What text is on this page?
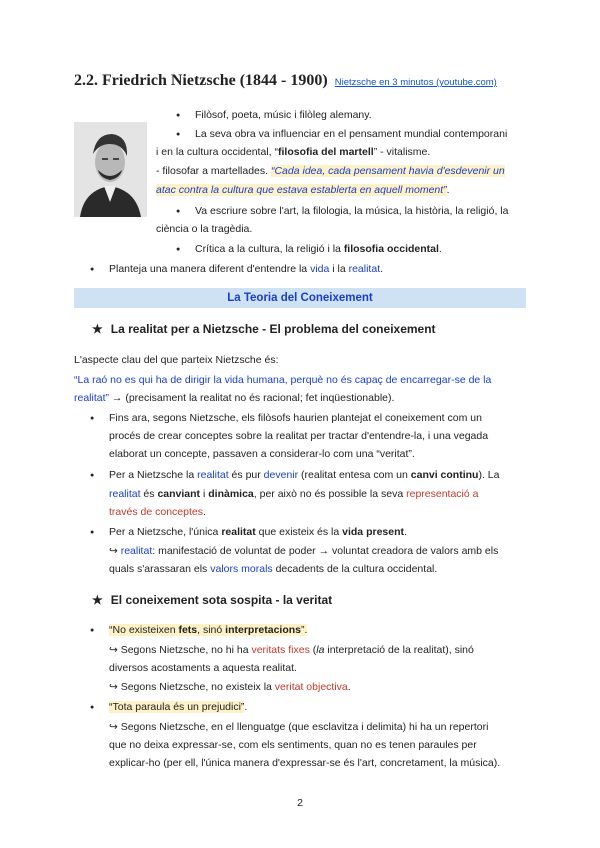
2.2. Friedrich Nietzsche (1844 - 1900) Nietzsche en 3 minutos (youtube.com)
● Filòsof, poeta, músic i filòleg alemany.
● La seva obra va influenciar en el pensament mundial contemporani
i en la cultura occidental, “filosofia del martell” - vitalisme.
- filosofar a martellades. “Cada idea, cada pensament havia d'esdevenir un
atac contra la cultura que estava establerta en aquell moment”.
● Va escriure sobre l'art, la filologia, la música, la història, la religió, la
ciència o la tragèdia.
● Crítica a la cultura, la religió i la filosofia occidental.
● Planteja una manera diferent d'entendre la vida i la realitat.
La Teoria del Coneixement
★ La realitat per a Nietzsche - El problema del coneixement
L'aspecte clau del que parteix Nietzsche és:
“La raó no es qui ha de dirigir la vida humana, perquè no és capaç de encarregar-se de la
realitat” → (precisament la realitat no és racional; fet inqüestionable).
● Fins ara, segons Nietzsche, els filòsofs haurien plantejat el coneixement com un
procés de crear conceptes sobre la realitat per tractar d'entendre-la, i una vegada
elaborat un concepte, passaven a considerar-lo com una “veritat”.
● Per a Nietzsche la realitat és pur devenir (realitat entesa com un canvi continu). La
realitat és canviant i dinàmica, per això no és possible la seva representació a
través de conceptes.
● Per a Nietzsche, l'única realitat que existeix és la vida present.
↪ realitat: manifestació de voluntat de poder → voluntat creadora de valors amb els
quals s'arassaran els valors morals decadents de la cultura occidental.
★ El coneixement sota sospita - la veritat
● “No existeixen fets, sinó interpretacions”.
↪ Segons Nietzsche, no hi ha veritats fixes (la interpretació de la realitat), sinó
diversos acostaments a aquesta realitat.
↪ Segons Nietzsche, no existeix la veritat objectiva.
● “Tota paraula és un prejudici”.
↪ Segons Nietzsche, en el llenguatge (que esclavitza i delimita) hi ha un repertori
que no deixa expressar-se, com els sentiments, quan no es tenen paraules per
explicar-ho (per ell, l'única manera d'expressar-se és l'art, concretament, la música).
2
